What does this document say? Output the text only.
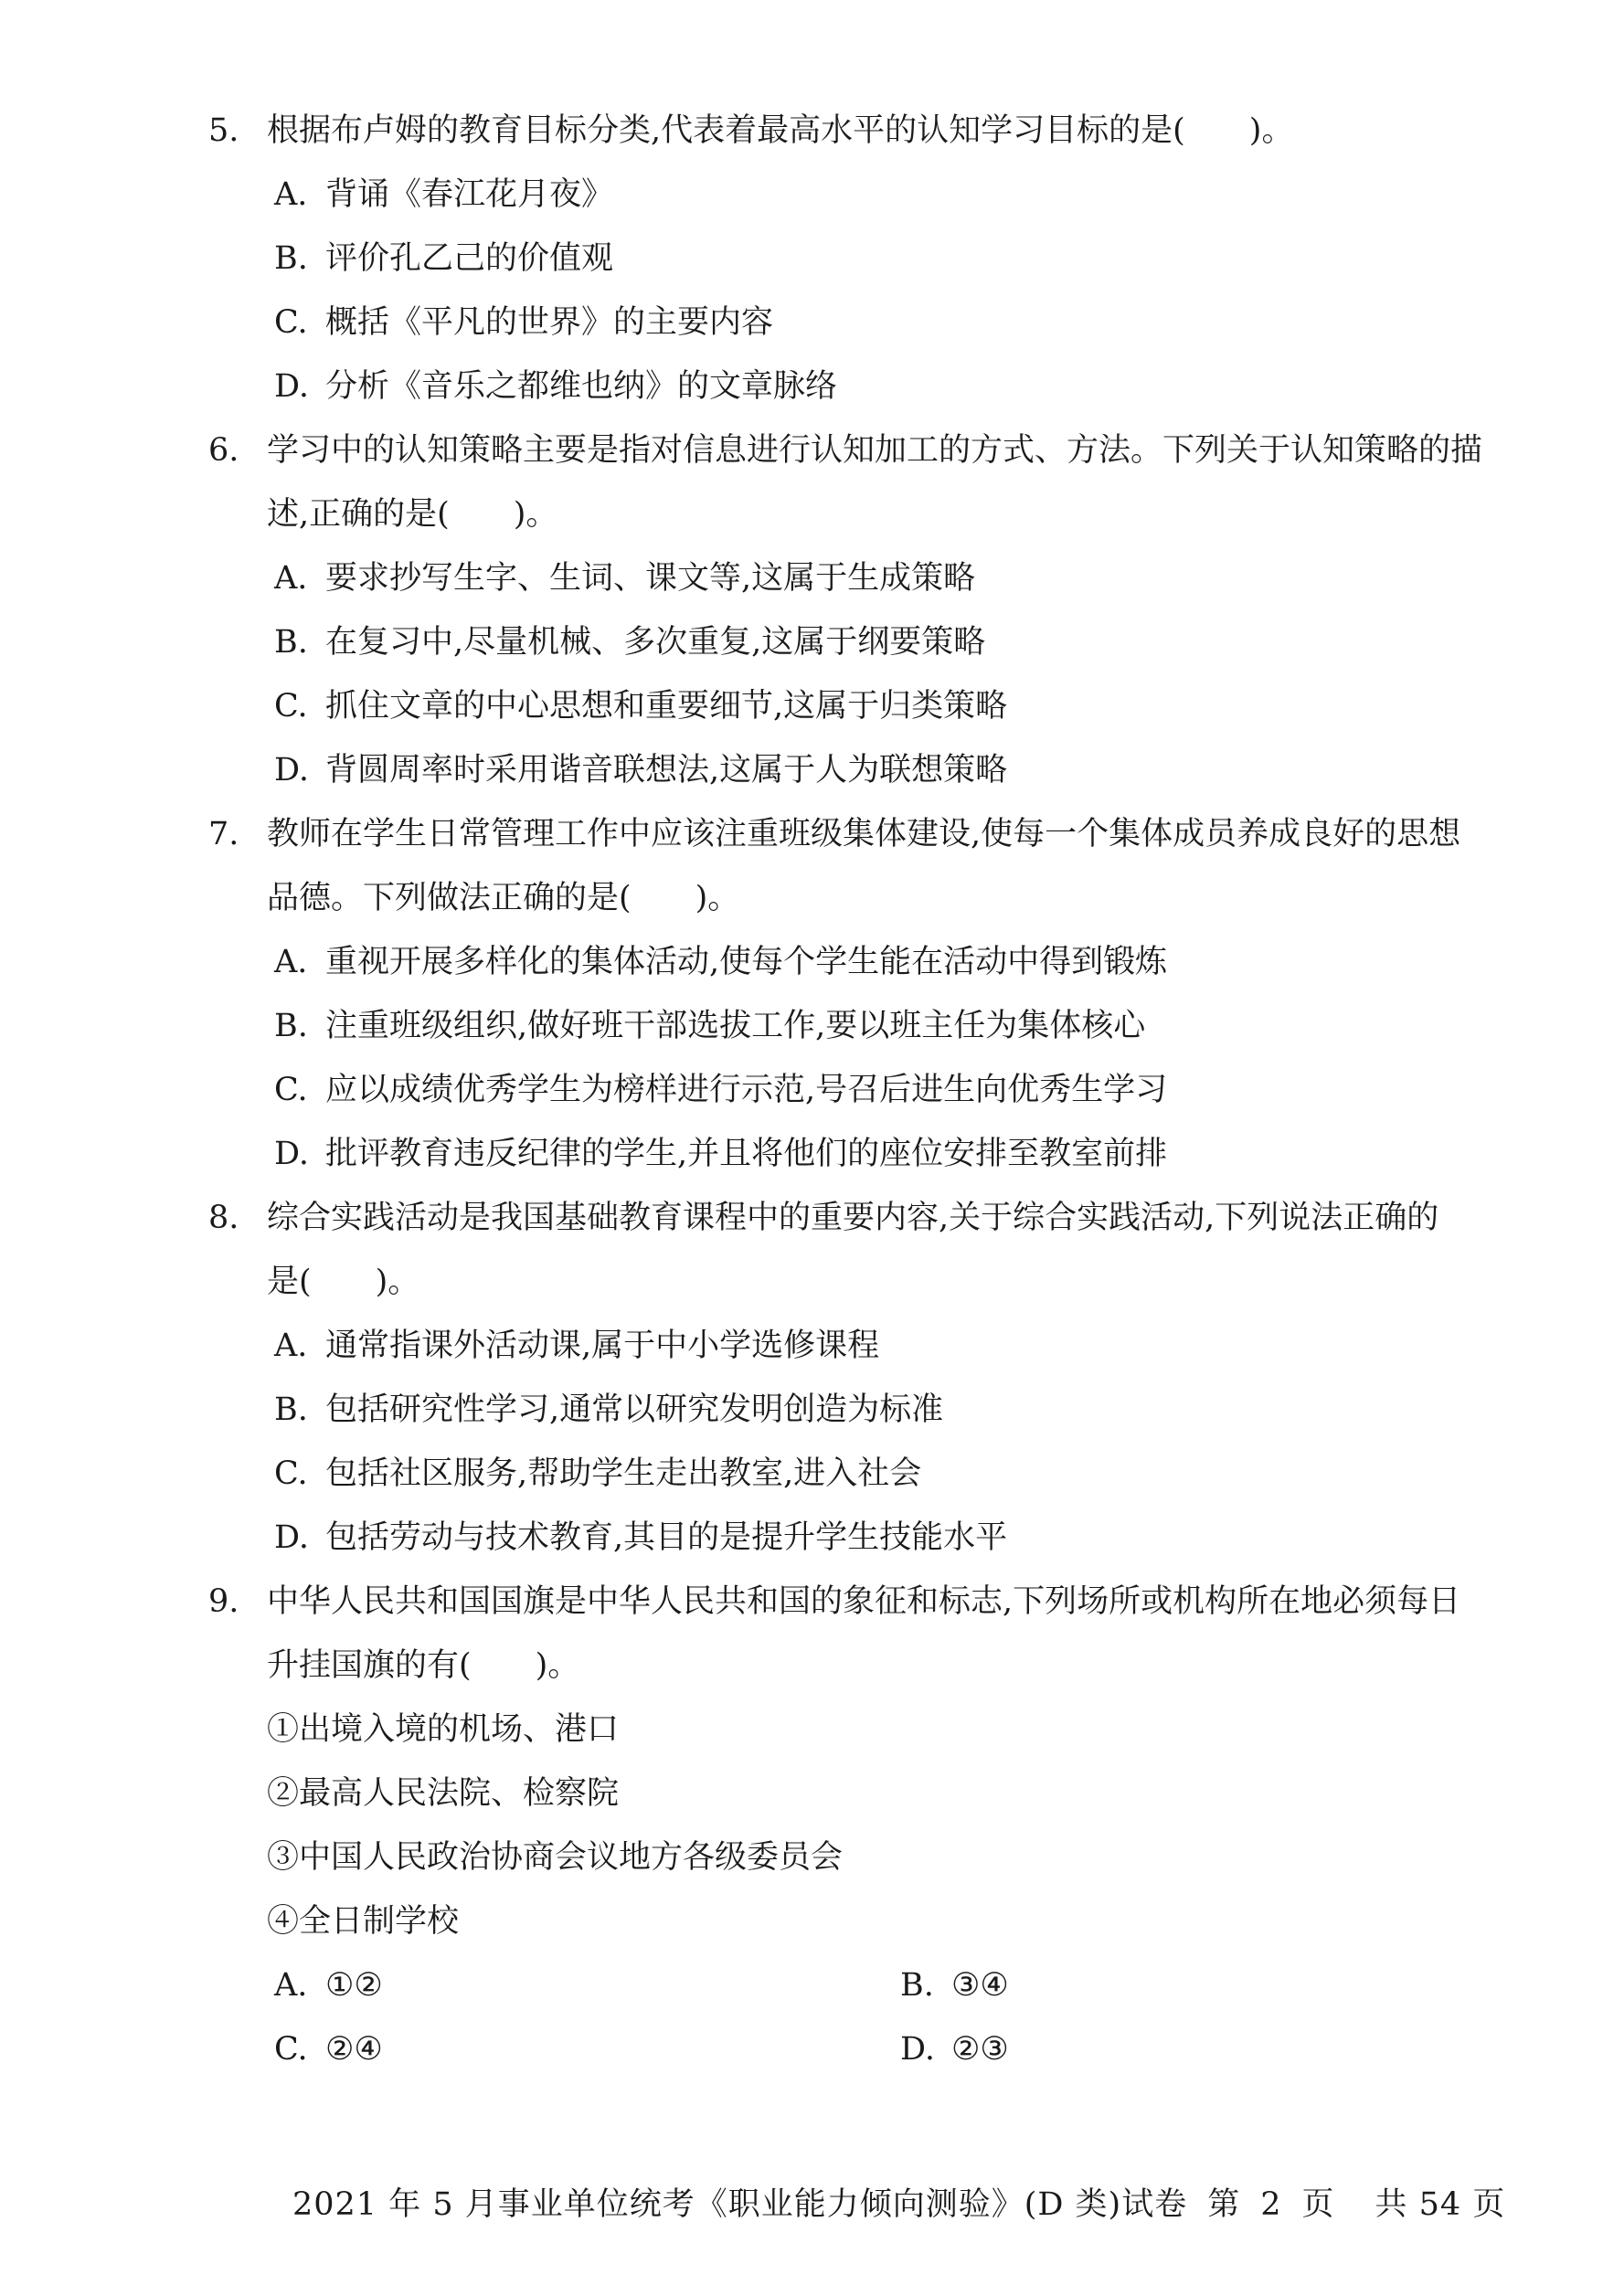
5. 根据布卢姆的教育目标分类,代表着最高水平的认知学习目标的是(　　)。
A. 背诵《春江花月夜》
B. 评价孔乙己的价值观
C. 概括《平凡的世界》的主要内容
D. 分析《音乐之都维也纳》的文章脉络
6. 学习中的认知策略主要是指对信息进行认知加工的方式、方法。下列关于认知策略的描
述,正确的是(　　)。
A. 要求抄写生字、生词、课文等,这属于生成策略
B. 在复习中,尽量机械、多次重复,这属于纲要策略
C. 抓住文章的中心思想和重要细节,这属于归类策略
D. 背圆周率时采用谐音联想法,这属于人为联想策略
7. 教师在学生日常管理工作中应该注重班级集体建设,使每一个集体成员养成良好的思想
品德。下列做法正确的是(　　)。
A. 重视开展多样化的集体活动,使每个学生能在活动中得到锻炼
B. 注重班级组织,做好班干部选拔工作,要以班主任为集体核心
C. 应以成绩优秀学生为榜样进行示范,号召后进生向优秀生学习
D. 批评教育违反纪律的学生,并且将他们的座位安排至教室前排
8. 综合实践活动是我国基础教育课程中的重要内容,关于综合实践活动,下列说法正确的
是(　　)。
A. 通常指课外活动课,属于中小学选修课程
B. 包括研究性学习,通常以研究发明创造为标准
C. 包括社区服务,帮助学生走出教室,进入社会
D. 包括劳动与技术教育,其目的是提升学生技能水平
9. 中华人民共和国国旗是中华人民共和国的象征和标志,下列场所或机构所在地必须每日
升挂国旗的有(　　)。
①出境入境的机场、港口
②最高人民法院、检察院
③中国人民政治协商会议地方各级委员会
④全日制学校
A. ①②	B. ③④
C. ②④	D. ②③
2021 年 5 月事业单位统考《职业能力倾向测验》(D 类)试卷 第 2 页 共 54 页
